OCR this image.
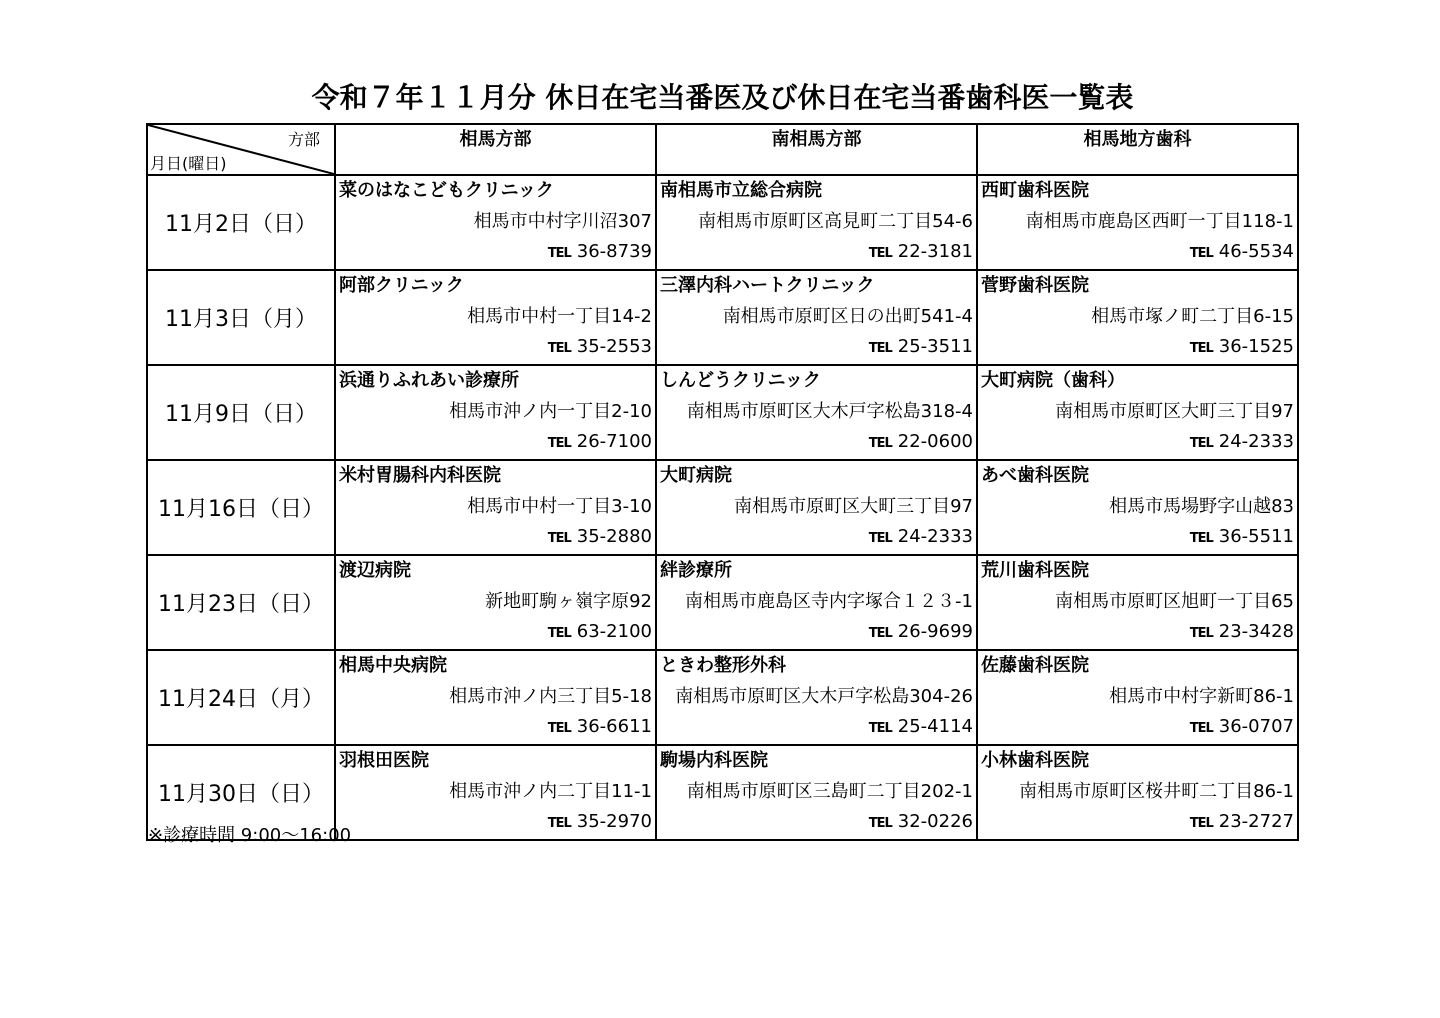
令和７年１１月分 休日在宅当番医及び休日在宅当番歯科医一覧表
方部
月日(曜日)	相馬方部	南相馬方部	相馬地方歯科
11月2日（日）	菜のはなこどもクリニック
相馬市中村字川沼307
TEL 36-8739	南相馬市立総合病院
南相馬市原町区高見町二丁目54-6
TEL 22-3181	西町歯科医院
南相馬市鹿島区西町一丁目118-1
TEL 46-5534

11月3日（月）	阿部クリニック
相馬市中村一丁目14-2
TEL 35-2553	三澤内科ハートクリニック
南相馬市原町区日の出町541-4
TEL 25-3511	菅野歯科医院
相馬市塚ノ町二丁目6-15
TEL 36-1525

11月9日（日）	浜通りふれあい診療所
相馬市沖ノ内一丁目2-10
TEL 26-7100	しんどうクリニック
南相馬市原町区大木戸字松島318-4
TEL 22-0600	大町病院（歯科）
南相馬市原町区大町三丁目97
TEL 24-2333

11月16日（日）	米村胃腸科内科医院
相馬市中村一丁目3-10
TEL 35-2880	大町病院
南相馬市原町区大町三丁目97
TEL 24-2333	あべ歯科医院
相馬市馬場野字山越83
TEL 36-5511

11月23日（日）	渡辺病院
新地町駒ヶ嶺字原92
TEL 63-2100	絆診療所
南相馬市鹿島区寺内字塚合１２３-1
TEL 26-9699	荒川歯科医院
南相馬市原町区旭町一丁目65
TEL 23-3428

11月24日（月）	相馬中央病院
相馬市沖ノ内三丁目5-18
TEL 36-6611	ときわ整形外科
南相馬市原町区大木戸字松島304-26
TEL 25-4114	佐藤歯科医院
相馬市中村字新町86-1
TEL 36-0707

11月30日（日）	羽根田医院
相馬市沖ノ内二丁目11-1
TEL 35-2970	駒場内科医院
南相馬市原町区三島町二丁目202-1
TEL 32-0226	小林歯科医院
南相馬市原町区桜井町二丁目86-1
TEL 23-2727
※診療時間 9:00～16:00
